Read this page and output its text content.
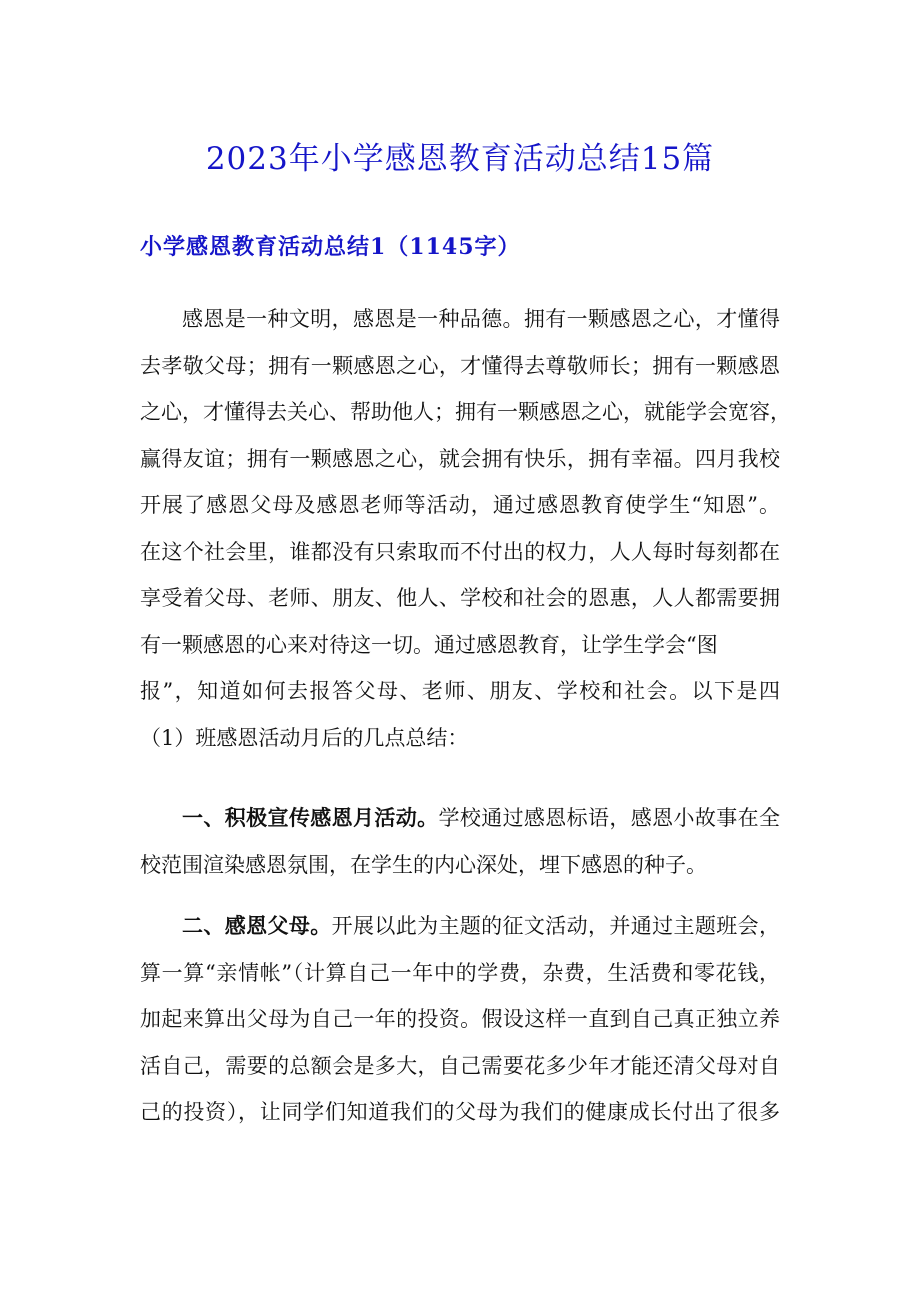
2023年小学感恩教育活动总结15篇
小学感恩教育活动总结1（1145字）
感恩是一种文明，感恩是一种品德。拥有一颗感恩之心，才懂得
去孝敬父母；拥有一颗感恩之心，才懂得去尊敬师长；拥有一颗感恩
之心，才懂得去关心、帮助他人；拥有一颗感恩之心，就能学会宽容，
赢得友谊；拥有一颗感恩之心，就会拥有快乐，拥有幸福。四月我校
开展了感恩父母及感恩老师等活动，通过感恩教育使学生“知恩”。
在这个社会里，谁都没有只索取而不付出的权力，人人每时每刻都在
享受着父母、老师、朋友、他人、学校和社会的恩惠，人人都需要拥
有一颗感恩的心来对待这一切。通过感恩教育，让学生学会“图
报”，知道如何去报答父母、老师、朋友、学校和社会。以下是四
（1）班感恩活动月后的几点总结：
一、积极宣传感恩月活动。学校通过感恩标语，感恩小故事在全
校范围渲染感恩氛围，在学生的内心深处，埋下感恩的种子。
二、感恩父母。开展以此为主题的征文活动，并通过主题班会，
算一算“亲情帐”（计算自己一年中的学费，杂费，生活费和零花钱，
加起来算出父母为自己一年的投资。假设这样一直到自己真正独立养
活自己，需要的总额会是多大，自己需要花多少年才能还清父母对自
己的投资），让同学们知道我们的父母为我们的健康成长付出了很多
